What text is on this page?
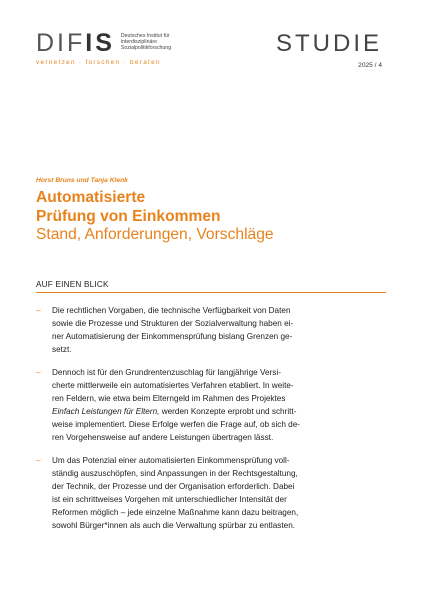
DIFIS Deutsches Institut für
interdisziplinäre
Sozialpolitikforschung
vernetzen · forschen · beraten
STUDIE
2025 / 4
Horst Bruns und Tanja Klenk
Automatisierte
Prüfung von Einkommen
Stand, Anforderungen, Vorschläge
AUF EINEN BLICK
–	Die rechtlichen Vorgaben, die technische Verfügbarkeit von Daten
sowie die Prozesse und Strukturen der Sozialverwaltung haben ei-
ner Automatisierung der Einkommensprüfung bislang Grenzen ge-
setzt.
–	Dennoch ist für den Grundrentenzuschlag für langjährige Versi-
cherte mittlerweile ein automatisiertes Verfahren etabliert. In weite-
ren Feldern, wie etwa beim Elterngeld im Rahmen des Projektes
Einfach Leistungen für Eltern, werden Konzepte erprobt und schritt-
weise implementiert. Diese Erfolge werfen die Frage auf, ob sich de-
ren Vorgehensweise auf andere Leistungen übertragen lässt.
–	Um das Potenzial einer automatisierten Einkommensprüfung voll-
ständig auszuschöpfen, sind Anpassungen in der Rechtsgestaltung,
der Technik, der Prozesse und der Organisation erforderlich. Dabei
ist ein schrittweises Vorgehen mit unterschiedlicher Intensität der
Reformen möglich – jede einzelne Maßnahme kann dazu beitragen,
sowohl Bürger*innen als auch die Verwaltung spürbar zu entlasten.
